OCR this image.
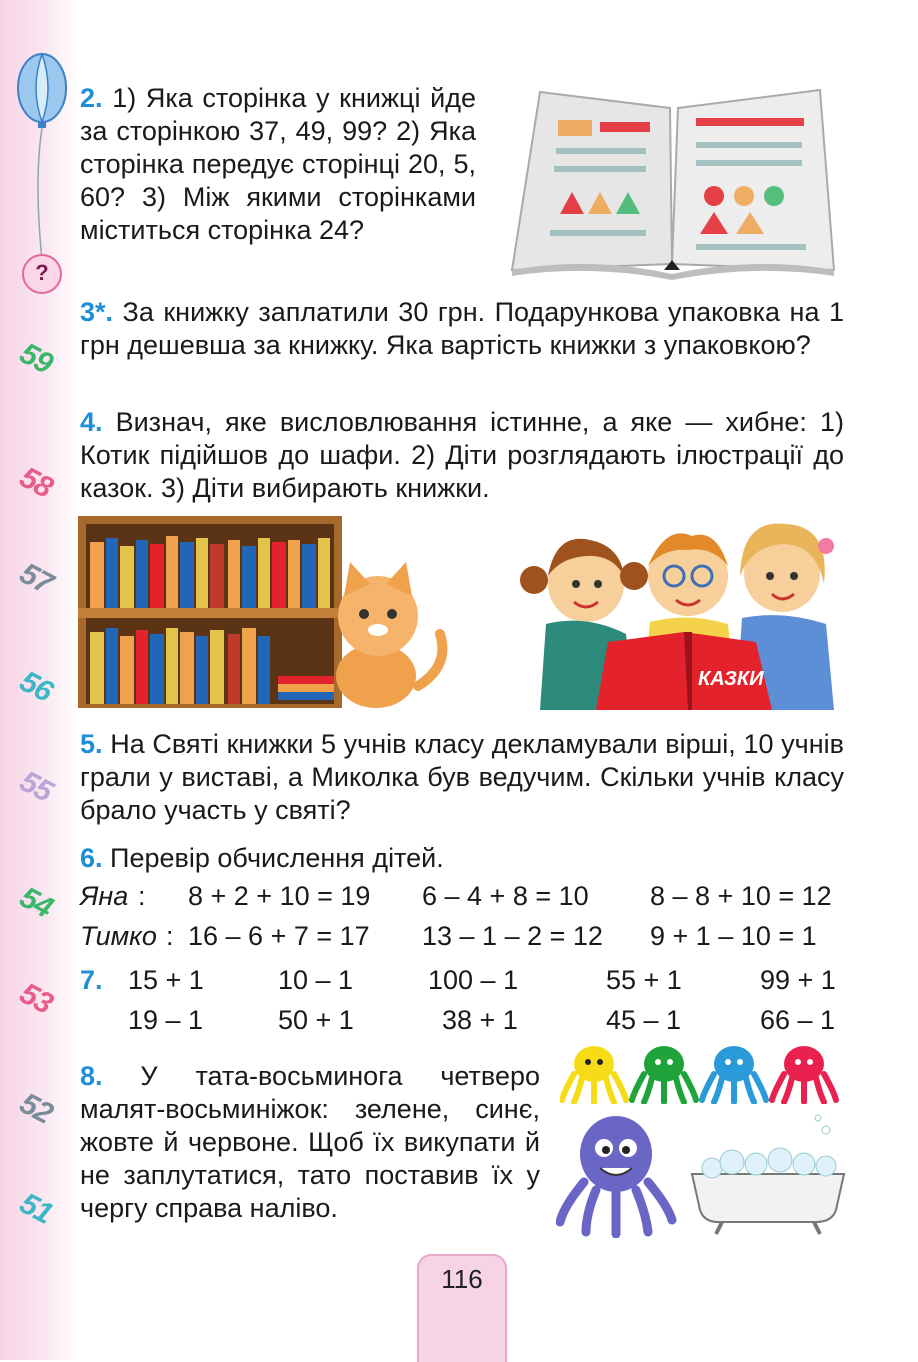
?
59
58
57
56
55
54
53
52
51

2. 1) Яка сторінка у книжці йде за сторінкою 37, 49, 99? 2) Яка сторінка передує сторінці 20, 5, 60? 3) Між якими сторінками міститься сторінка 24?

3*. За книжку заплатили 30 грн. Подарункова упаковка на 1 грн дешевша за книжку. Яка вартість книжки з упаковкою?

4. Визнач, яке висловлювання істинне, а яке — хибне: 1) Котик підійшов до шафи. 2) Діти розглядають ілюстрації до казок. 3) Діти вибирають книжки.

КАЗКИ

5. На Святі книжки 5 учнів класу декламували вірші, 10 учнів грали у виставі, а Миколка був ведучим. Скільки учнів класу брало участь у святі?

6. Перевір обчислення дітей.

Яна : 8 + 2 + 10 = 19 6 – 4 + 8 = 10 8 – 8 + 10 = 12
Тимко : 16 – 6 + 7 = 17 13 – 1 – 2 = 12 9 + 1 – 10 = 1
7. 15 + 1	10 – 1	100 – 1	55 + 1	99 + 1
19 – 1	50 + 1	38 + 1	45 – 1	66 – 1

8. У тата-восьминога четверо малят-восьминіжок: зелене, синє, жовте й червоне. Щоб їх викупати й не заплутатися, тато поставив їх у чергу справа наліво.

116
